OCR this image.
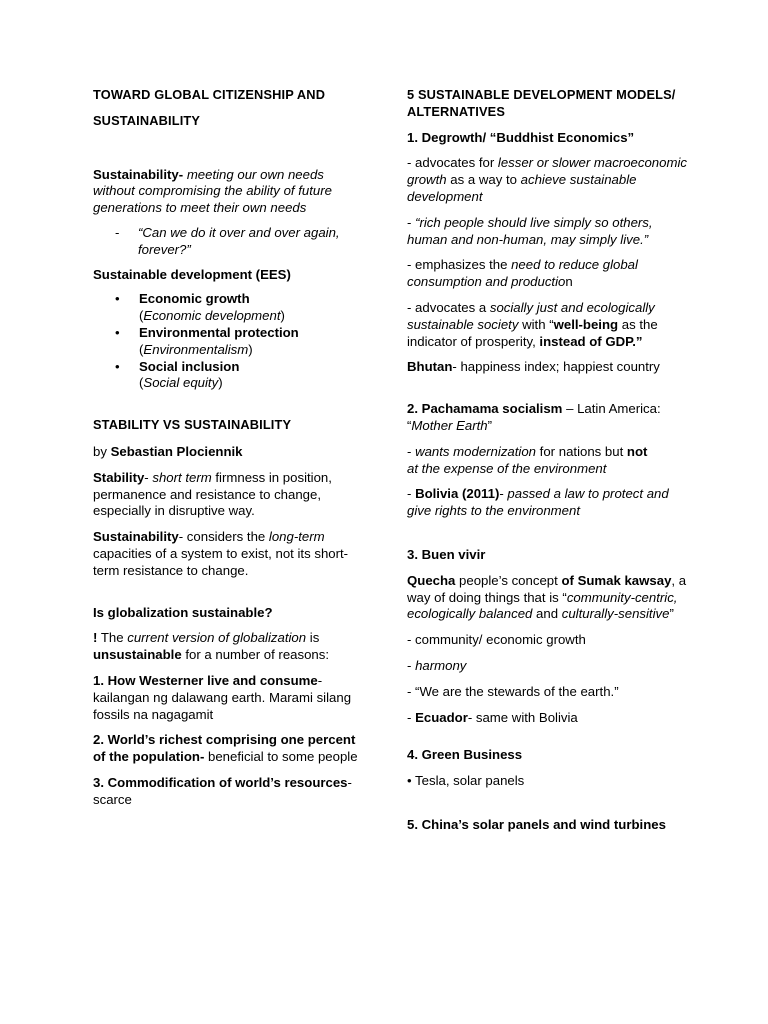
TOWARD GLOBAL CITIZENSHIP AND
SUSTAINABILITY

Sustainability- meeting our own needs without compromising the ability of future generations to meet their own needs

- “Can we do it over and over again, forever?”

Sustainable development (EES)

• Economic growth
(Economic development)
• Environmental protection
(Environmentalism)
• Social inclusion
(Social equity)

STABILITY VS SUSTAINABILITY

by Sebastian Plociennik

Stability- short term firmness in position, permanence and resistance to change, especially in disruptive way.

Sustainability- considers the long-term capacities of a system to exist, not its short-term resistance to change.

Is globalization sustainable?

! The current version of globalization is unsustainable for a number of reasons:

1. How Westerner live and consume- kailangan ng dalawang earth. Marami silang fossils na nagagamit

2. World’s richest comprising one percent of the population- beneficial to some people

3. Commodification of world’s resources- scarce

5 SUSTAINABLE DEVELOPMENT MODELS/ ALTERNATIVES

1. Degrowth/ “Buddhist Economics”

- advocates for lesser or slower macroeconomic growth as a way to achieve sustainable development

- “rich people should live simply so others, human and non-human, may simply live.”

- emphasizes the need to reduce global consumption and production

- advocates a socially just and ecologically sustainable society with “well-being as the indicator of prosperity, instead of GDP.”

Bhutan- happiness index; happiest country

2. Pachamama socialism – Latin America: “Mother Earth”

- wants modernization for nations but not
at the expense of the environment

- Bolivia (2011)- passed a law to protect and give rights to the environment

3. Buen vivir

Quecha people’s concept of Sumak kawsay, a way of doing things that is “community-centric, ecologically balanced and culturally-sensitive”

- community/ economic growth

- harmony

- “We are the stewards of the earth.”

- Ecuador- same with Bolivia

4. Green Business

• Tesla, solar panels

5. China’s solar panels and wind turbines
